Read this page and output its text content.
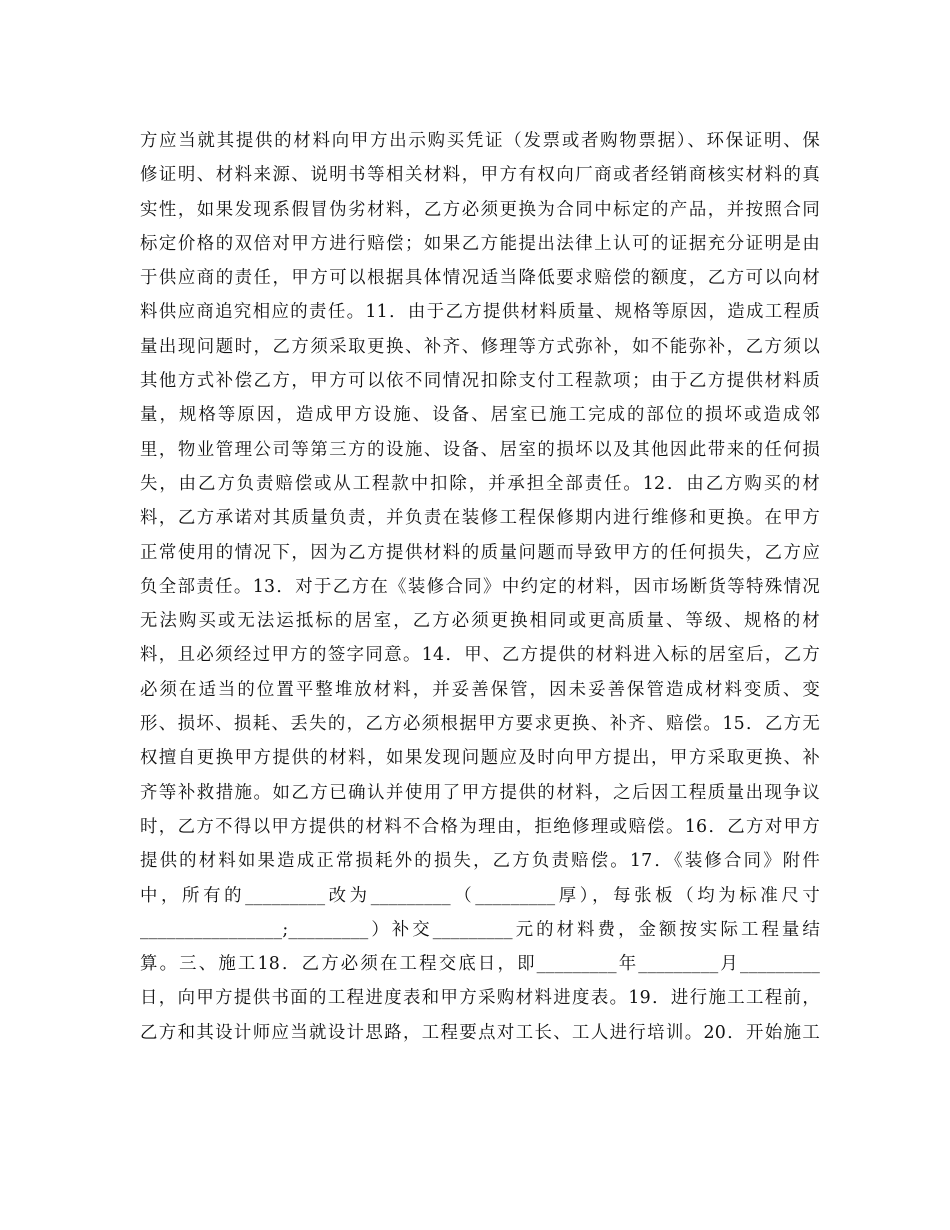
方应当就其提供的材料向甲方出示购买凭证（发票或者购物票据）、环保证明、保
修证明、材料来源、说明书等相关材料，甲方有权向厂商或者经销商核实材料的真
实性，如果发现系假冒伪劣材料，乙方必须更换为合同中标定的产品，并按照合同
标定价格的双倍对甲方进行赔偿；如果乙方能提出法律上认可的证据充分证明是由
于供应商的责任，甲方可以根据具体情况适当降低要求赔偿的额度，乙方可以向材
料供应商追究相应的责任。11．由于乙方提供材料质量、规格等原因，造成工程质
量出现问题时，乙方须采取更换、补齐、修理等方式弥补，如不能弥补，乙方须以
其他方式补偿乙方，甲方可以依不同情况扣除支付工程款项；由于乙方提供材料质
量，规格等原因，造成甲方设施、设备、居室已施工完成的部位的损坏或造成邻
里，物业管理公司等第三方的设施、设备、居室的损坏以及其他因此带来的任何损
失，由乙方负责赔偿或从工程款中扣除，并承担全部责任。12．由乙方购买的材
料，乙方承诺对其质量负责，并负责在装修工程保修期内进行维修和更换。在甲方
正常使用的情况下，因为乙方提供材料的质量问题而导致甲方的任何损失，乙方应
负全部责任。13．对于乙方在《装修合同》中约定的材料，因市场断货等特殊情况
无法购买或无法运抵标的居室，乙方必须更换相同或更高质量、等级、规格的材
料，且必须经过甲方的签字同意。14．甲、乙方提供的材料进入标的居室后，乙方
必须在适当的位置平整堆放材料，并妥善保管，因未妥善保管造成材料变质、变
形、损坏、损耗、丢失的，乙方必须根据甲方要求更换、补齐、赔偿。15．乙方无
权擅自更换甲方提供的材料，如果发现问题应及时向甲方提出，甲方采取更换、补
齐等补救措施。如乙方已确认并使用了甲方提供的材料，之后因工程质量出现争议
时，乙方不得以甲方提供的材料不合格为理由，拒绝修理或赔偿。16．乙方对甲方
提供的材料如果造成正常损耗外的损失，乙方负责赔偿。17．《装修合同》附件
中，所有的_________改为_________（_________厚），每张板（均为标准尺寸
________________;_________）补交_________元的材料费，金额按实际工程量结
算。三、施工18．乙方必须在工程交底日，即_________年_________月_________
日，向甲方提供书面的工程进度表和甲方采购材料进度表。19．进行施工工程前，
乙方和其设计师应当就设计思路，工程要点对工长、工人进行培训。20．开始施工
